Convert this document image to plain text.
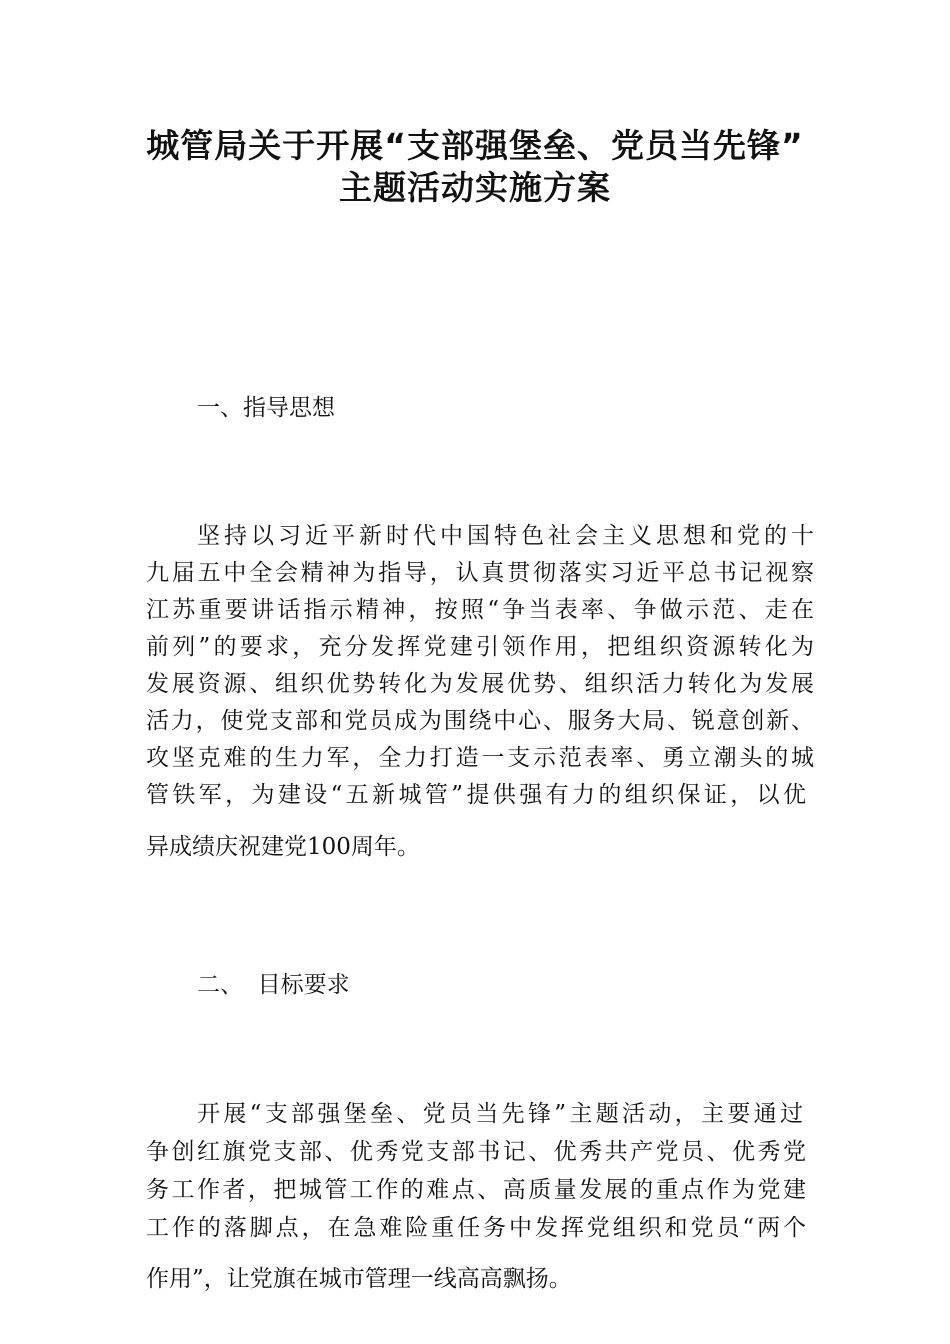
城管局关于开展“支部强堡垒、党员当先锋”
主题活动实施方案
一、指导思想
坚持以习近平新时代中国特色社会主义思想和党的十
九届五中全会精神为指导，认真贯彻落实习近平总书记视察
江苏重要讲话指示精神，按照“争当表率、争做示范、走在
前列”的要求，充分发挥党建引领作用，把组织资源转化为
发展资源、组织优势转化为发展优势、组织活力转化为发展
活力，使党支部和党员成为围绕中心、服务大局、锐意创新、
攻坚克难的生力军，全力打造一支示范表率、勇立潮头的城
管铁军，为建设“五新城管”提供强有力的组织保证，以优
异成绩庆祝建党100周年。
二、  目标要求
开展“支部强堡垒、党员当先锋”主题活动，主要通过
争创红旗党支部、优秀党支部书记、优秀共产党员、优秀党
务工作者，把城管工作的难点、高质量发展的重点作为党建
工作的落脚点，在急难险重任务中发挥党组织和党员“两个
作用”，让党旗在城市管理一线高高飘扬。
